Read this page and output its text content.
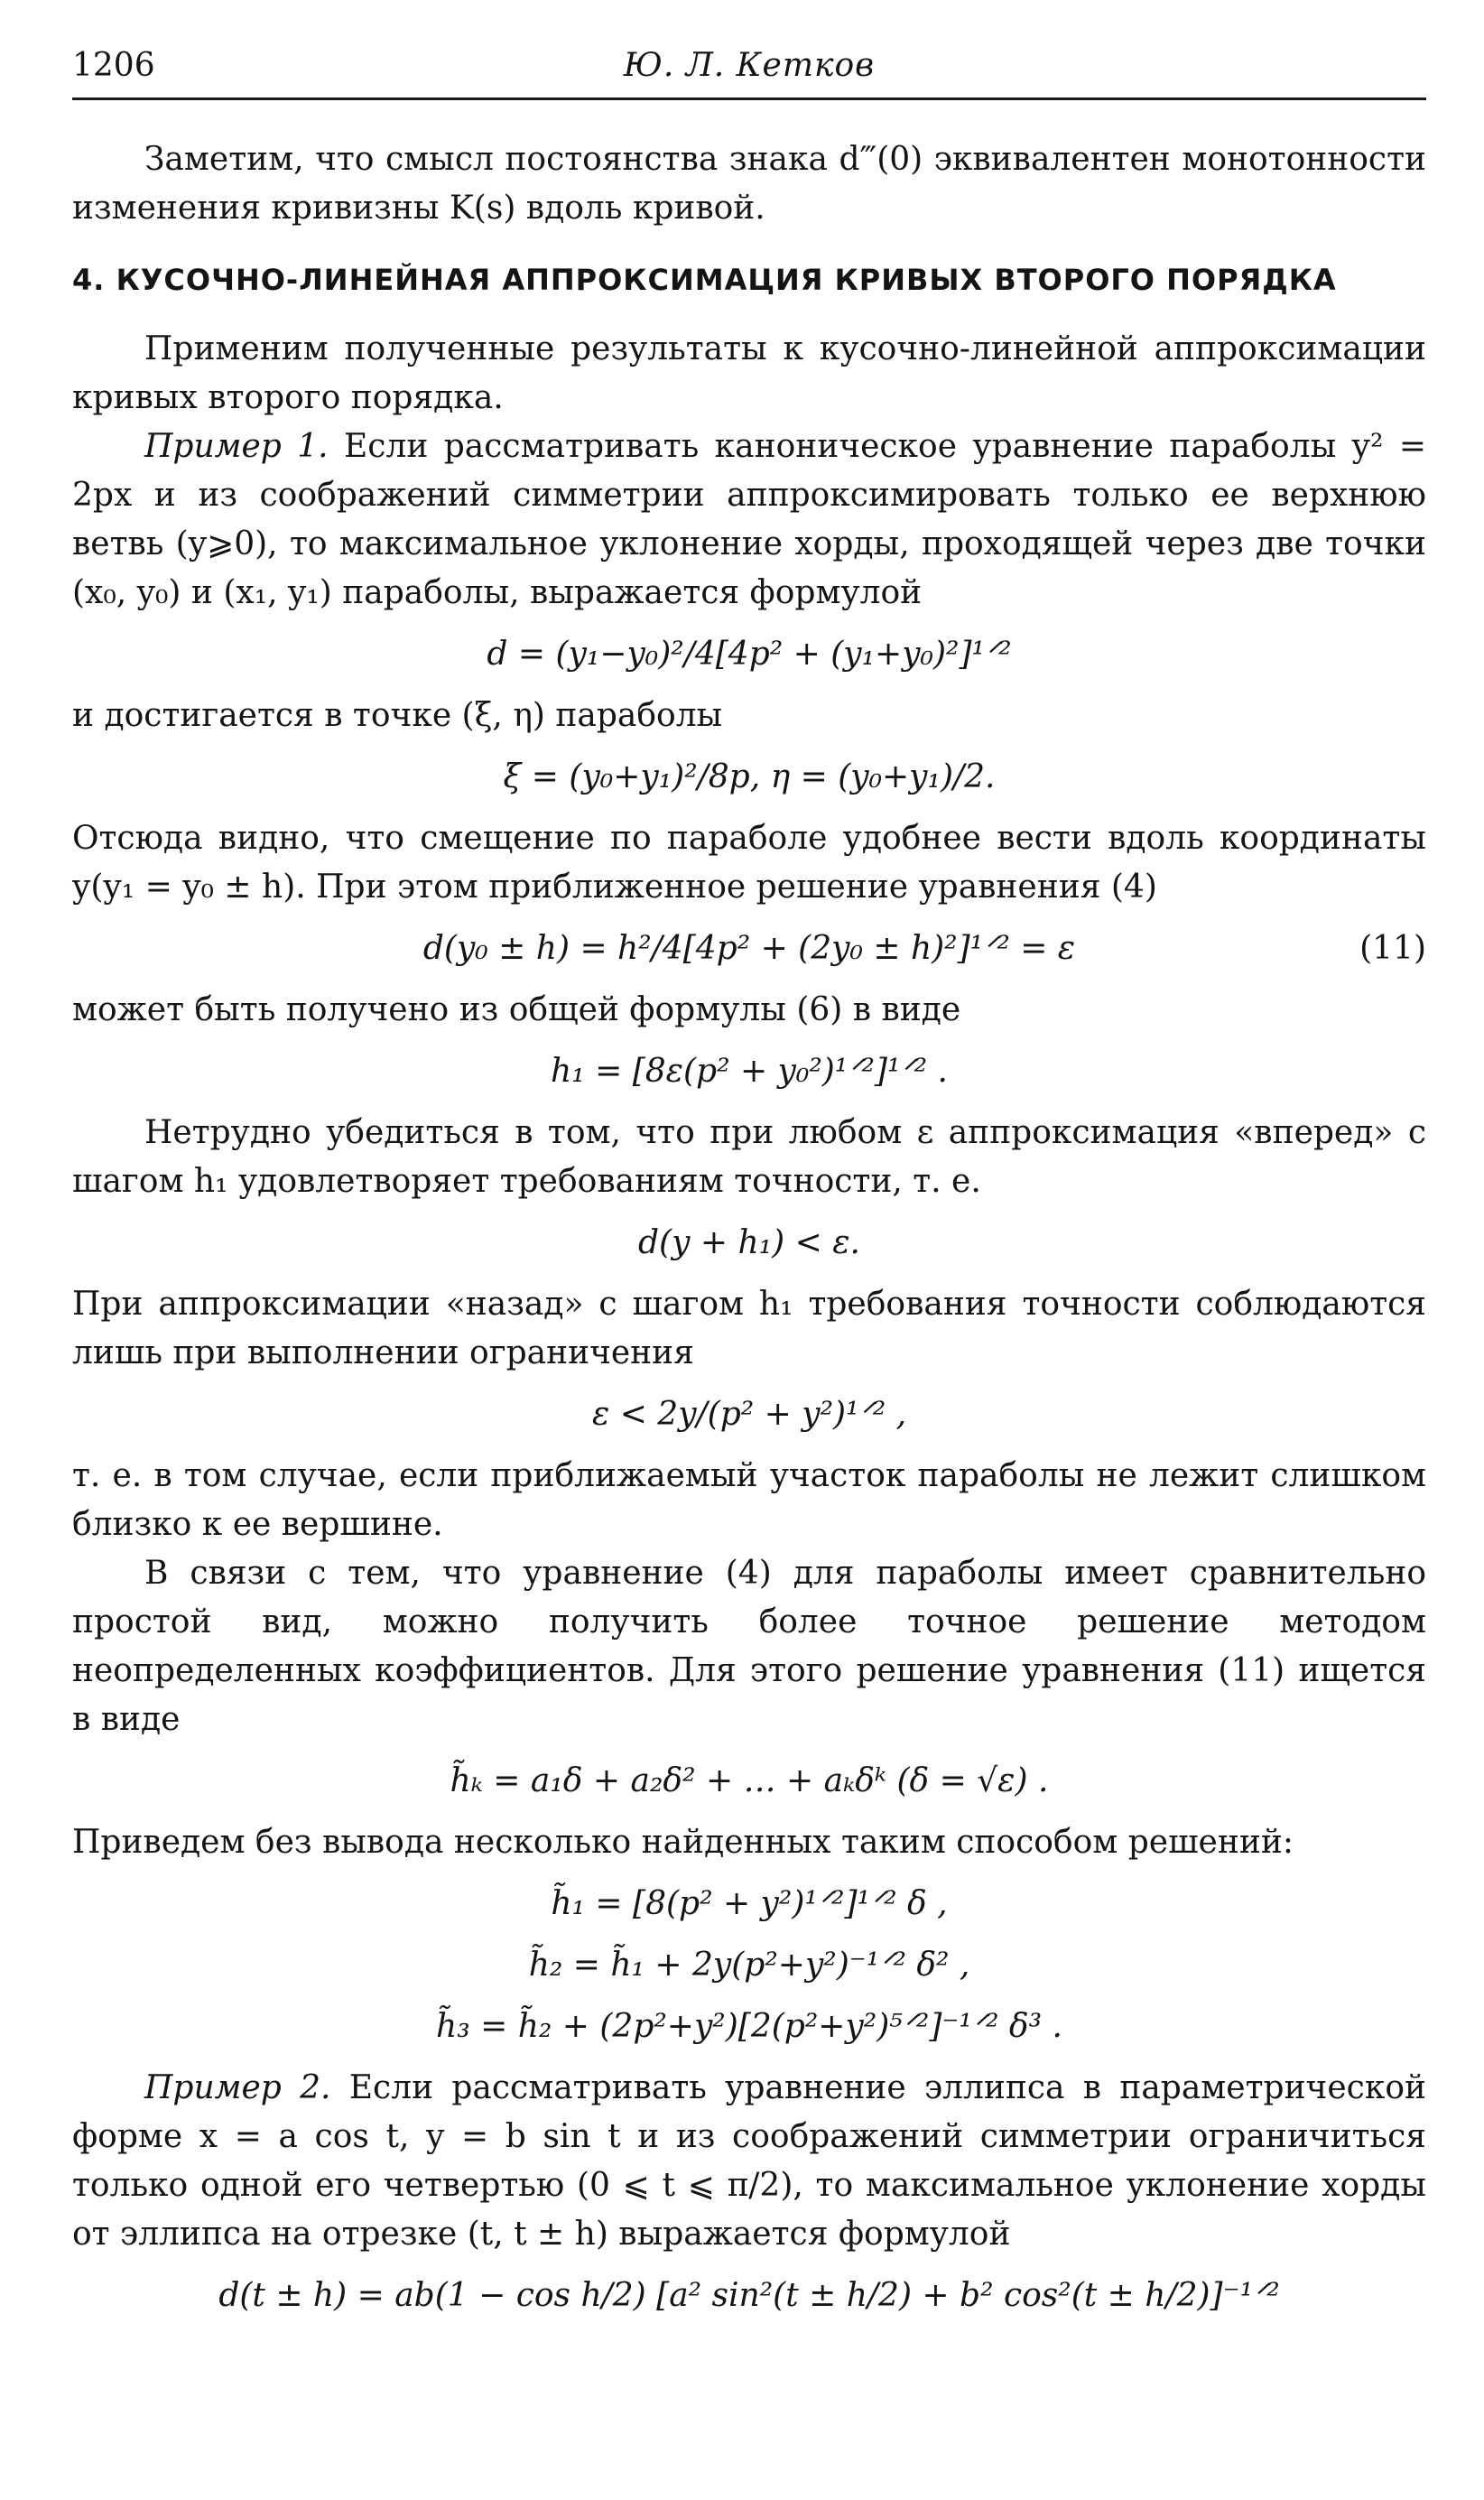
1206	Ю. Л. Кетков

Заметим, что смысл постоянства знака d‴(0) эквивалентен монотонности изменения кривизны K(s) вдоль кривой.

4. КУСОЧНО-ЛИНЕЙНАЯ АППРОКСИМАЦИЯ КРИВЫХ ВТОРОГО ПОРЯДКА

Применим полученные результаты к кусочно-линейной аппроксимации кривых второго порядка.

Пример 1. Если рассматривать каноническое уравнение параболы y² = 2px и из соображений симметрии аппроксимировать только ее верхнюю ветвь (y⩾0), то максимальное уклонение хорды, проходящей через две точки (x₀, y₀) и (x₁, y₁) параболы, выражается формулой

d = (y₁−y₀)²/4[4p² + (y₁+y₀)²]¹ᐟ²

и достигается в точке (ξ, η) параболы

ξ = (y₀+y₁)²/8p, η = (y₀+y₁)/2.

Отсюда видно, что смещение по параболе удобнее вести вдоль координаты y(y₁ = y₀ ± h). При этом приближенное решение уравнения (4)

d(y₀ ± h) = h²/4[4p² + (2y₀ ± h)²]¹ᐟ² = ε	(11)

может быть получено из общей формулы (6) в виде

h₁ = [8ε(p² + y₀²)¹ᐟ²]¹ᐟ² .

Нетрудно убедиться в том, что при любом ε аппроксимация «вперед» с шагом h₁ удовлетворяет требованиям точности, т. е.

d(y + h₁) < ε.

При аппроксимации «назад» с шагом h₁ требования точности соблюдаются лишь при выполнении ограничения

ε < 2y/(p² + y²)¹ᐟ² ,

т. е. в том случае, если приближаемый участок параболы не лежит слишком близко к ее вершине.

В связи с тем, что уравнение (4) для параболы имеет сравнительно простой вид, можно получить более точное решение методом неопределенных коэффициентов. Для этого решение уравнения (11) ищется в виде

h̃ₖ = a₁δ + a₂δ² + … + aₖδᵏ (δ = √ε) .

Приведем без вывода несколько найденных таким способом решений:

h̃₁ = [8(p² + y²)¹ᐟ²]¹ᐟ² δ ,
h̃₂ = h̃₁ + 2y(p²+y²)⁻¹ᐟ² δ² ,
h̃₃ = h̃₂ + (2p²+y²)[2(p²+y²)⁵ᐟ²]⁻¹ᐟ² δ³ .

Пример 2. Если рассматривать уравнение эллипса в параметрической форме x = a cos t, y = b sin t и из соображений симметрии ограничиться только одной его четвертью (0 ⩽ t ⩽ π/2), то максимальное уклонение хорды от эллипса на отрезке (t, t ± h) выражается формулой

d(t ± h) = ab(1 − cos h/2) [a² sin²(t ± h/2) + b² cos²(t ± h/2)]⁻¹ᐟ²
